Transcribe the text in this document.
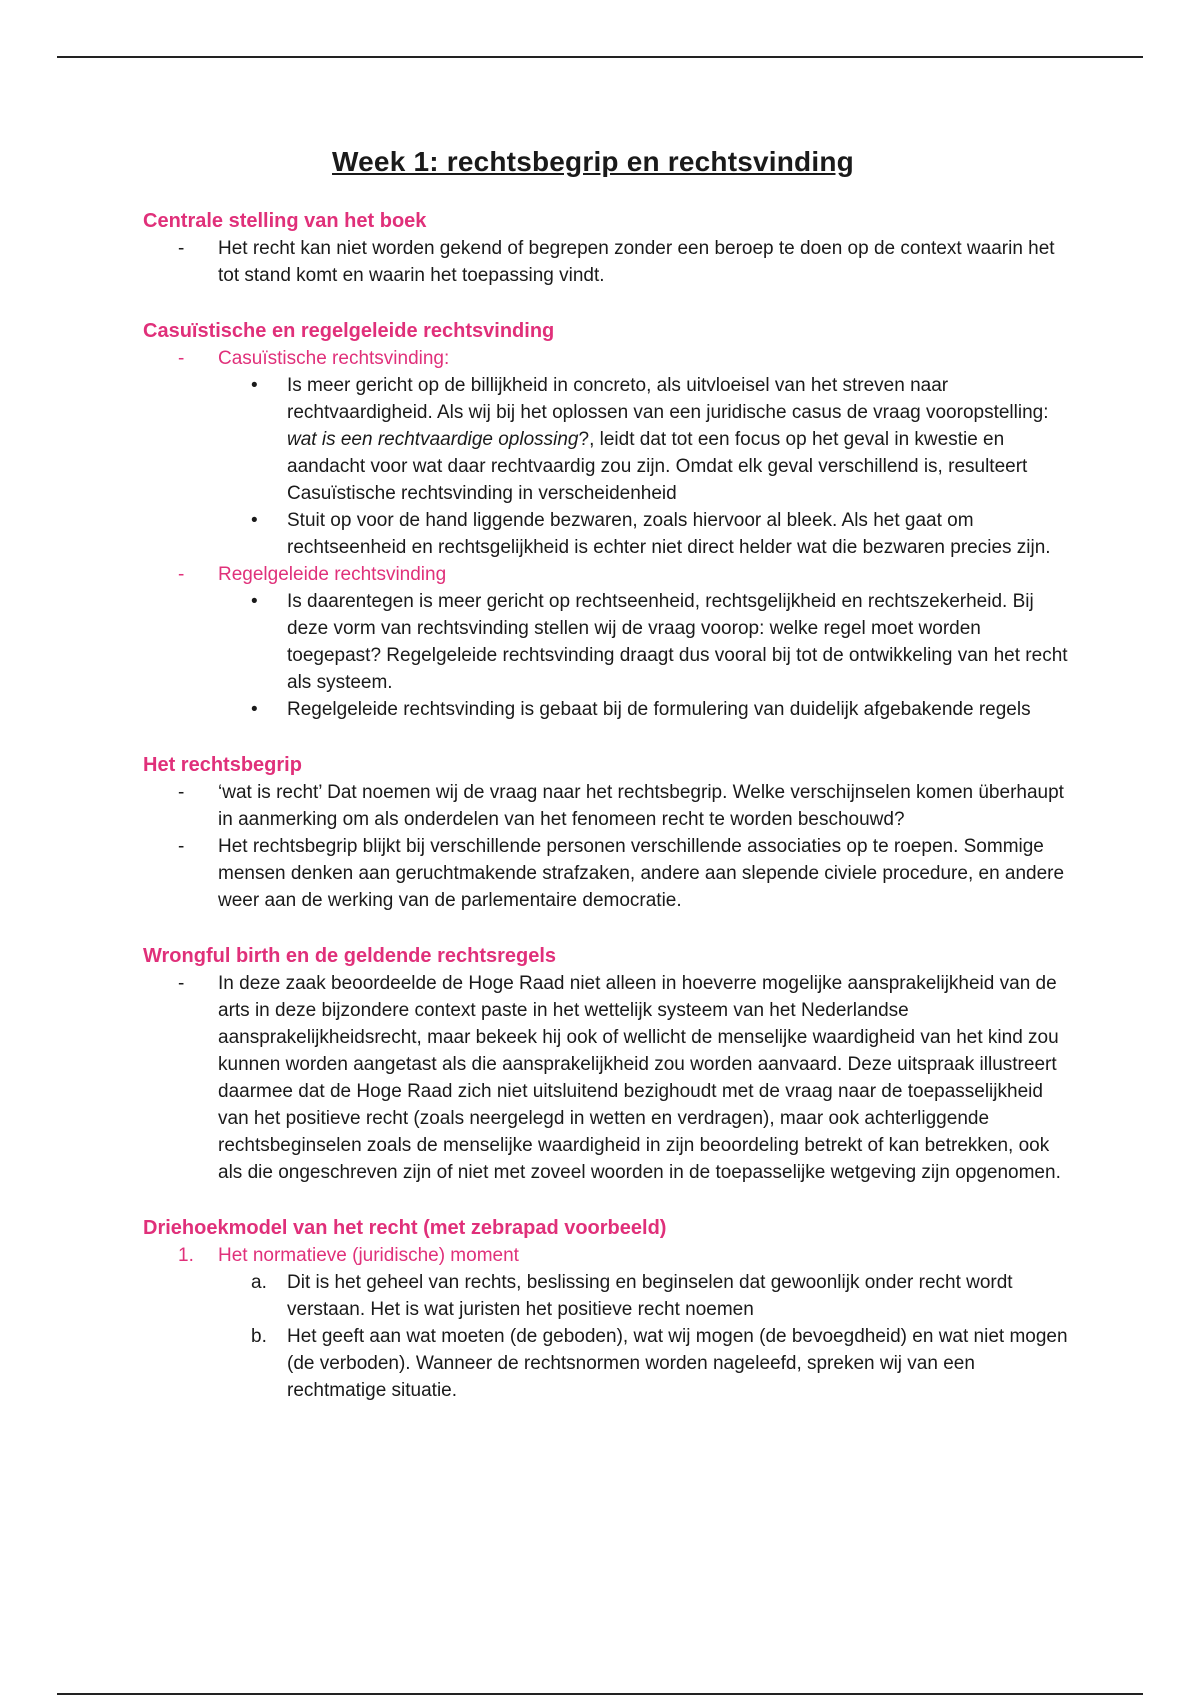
Week 1: rechtsbegrip en rechtsvinding
Centrale stelling van het boek
-	Het recht kan niet worden gekend of begrepen zonder een beroep te doen op de context waarin het tot stand komt en waarin het toepassing vindt.
Casuïstische en regelgeleide rechtsvinding
-	Casuïstische rechtsvinding:
•
Is meer gericht op de billijkheid in concreto, als uitvloeisel van het streven naar rechtvaardigheid. Als wij bij het oplossen van een juridische casus de vraag vooropstelling: wat is een rechtvaardige oplossing?, leidt dat tot een focus op het geval in kwestie en aandacht voor wat daar rechtvaardig zou zijn. Omdat elk geval verschillend is, resulteert Casuïstische rechtsvinding in verscheidenheid
•
Stuit op voor de hand liggende bezwaren, zoals hiervoor al bleek. Als het gaat om rechtseenheid en rechtsgelijkheid is echter niet direct helder wat die bezwaren precies zijn.
-	Regelgeleide rechtsvinding
•
Is daarentegen is meer gericht op rechtseenheid, rechtsgelijkheid en rechtszekerheid. Bij deze vorm van rechtsvinding stellen wij de vraag voorop: welke regel moet worden toegepast? Regelgeleide rechtsvinding draagt dus vooral bij tot de ontwikkeling van het recht als systeem.
•
Regelgeleide rechtsvinding is gebaat bij de formulering van duidelijk afgebakende regels
Het rechtsbegrip
-	‘wat is recht’ Dat noemen wij de vraag naar het rechtsbegrip. Welke verschijnselen komen überhaupt in aanmerking om als onderdelen van het fenomeen recht te worden beschouwd?
-	Het rechtsbegrip blijkt bij verschillende personen verschillende associaties op te roepen. Sommige mensen denken aan geruchtmakende strafzaken, andere aan slepende civiele procedure, en andere weer aan de werking van de parlementaire democratie.
Wrongful birth en de geldende rechtsregels
-	In deze zaak beoordeelde de Hoge Raad niet alleen in hoeverre mogelijke aansprakelijkheid van de arts in deze bijzondere context paste in het wettelijk systeem van het Nederlandse aansprakelijkheidsrecht, maar bekeek hij ook of wellicht de menselijke waardigheid van het kind zou kunnen worden aangetast als die aansprakelijkheid zou worden aanvaard. Deze uitspraak illustreert daarmee dat de Hoge Raad zich niet uitsluitend bezighoudt met de vraag naar de toepasselijkheid van het positieve recht (zoals neergelegd in wetten en verdragen), maar ook achterliggende rechtsbeginselen zoals de menselijke waardigheid in zijn beoordeling betrekt of kan betrekken, ook als die ongeschreven zijn of niet met zoveel woorden in de toepasselijke wetgeving zijn opgenomen.
Driehoekmodel van het recht (met zebrapad voorbeeld)
1.	Het normatieve (juridische) moment
a.	Dit is het geheel van rechts, beslissing en beginselen dat gewoonlijk onder recht wordt verstaan. Het is wat juristen het positieve recht noemen
b.	Het geeft aan wat moeten (de geboden), wat wij mogen (de bevoegdheid) en wat niet mogen (de verboden). Wanneer de rechtsnormen worden nageleefd, spreken wij van een rechtmatige situatie.
